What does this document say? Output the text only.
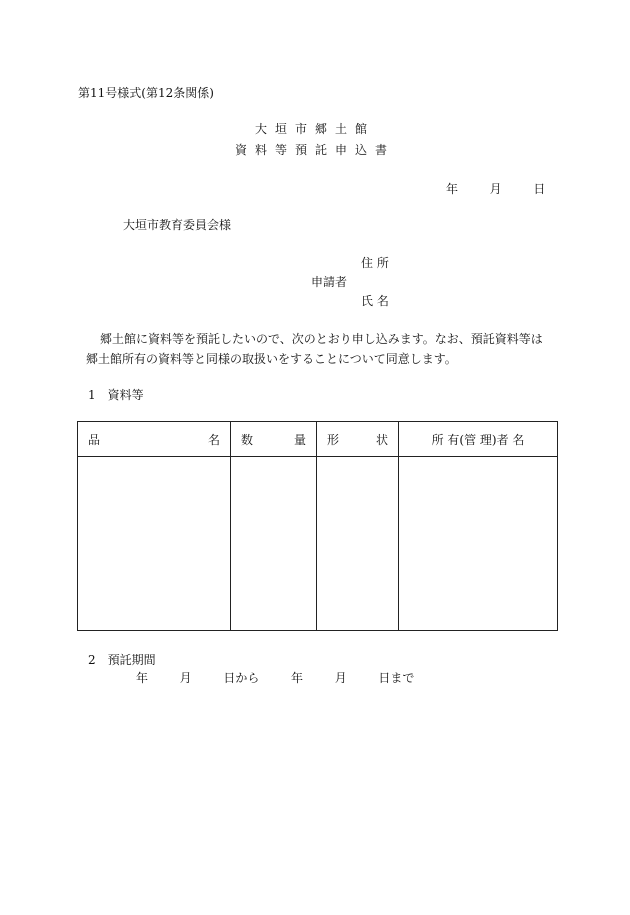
第11号様式(第12条関係)
大垣市郷土館
資料等預託申込書
年	月	日
大垣市教育委員会様
住 所
申請者
氏 名
郷土館に資料等を預託したいので、次のとおり申し込みます。なお、預託資料等は郷土館所有の資料等と同様の取扱いをすることについて同意します。
1　資料等
品 名	数 量	形 状	所 有(管 理)者 名

2　預託期間
年	月	日から	年	月	日まで
